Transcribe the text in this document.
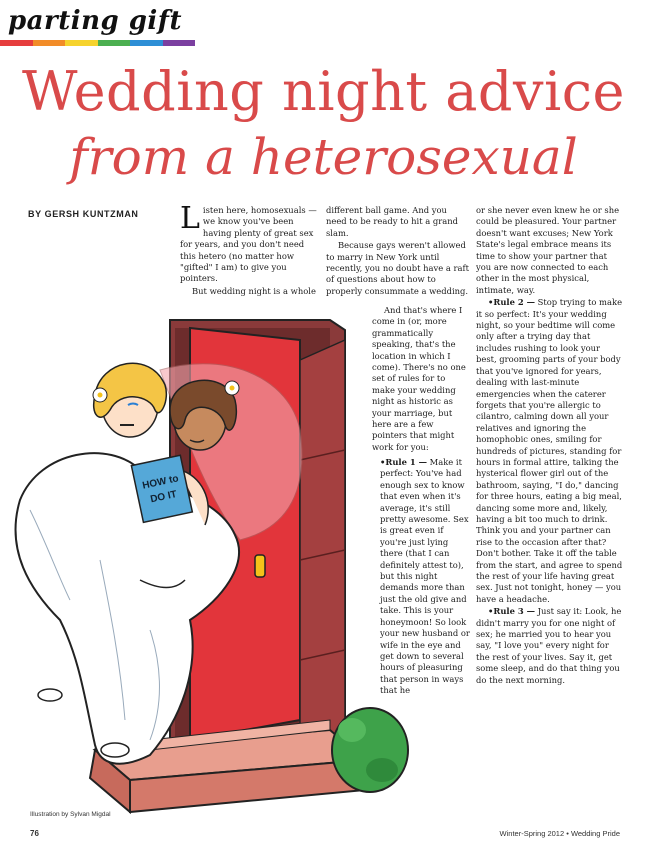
parting gift
Wedding night advice
from a heterosexual
BY GERSH KUNTZMAN
HOW to
DO IT

Listen here, homosexuals — we know you've been having plenty of great sex for years, and you don't need this hetero (no matter how "gifted" I am) to give you pointers.

But wedding night is a whole

different ball game. And you need to be ready to hit a grand slam.

Because gays weren't allowed to marry in New York until recently, you no doubt have a raft of questions about how to properly consummate a wedding.

And that's where I come in (or, more grammatically speaking, that's the location in which I come). There's no one set of rules for to make your wedding night as historic as your marriage, but here are a few pointers that might work for you:

•Rule 1 — Make it perfect: You've had enough sex to know that even when it's average, it's still pretty awesome. Sex is great even if you're just lying there (that I can definitely attest to), but this night demands more than just the old give and take. This is your honeymoon! So look your new husband or wife in the eye and get down to several hours of pleasuring that person in ways that he

or she never even knew he or she could be pleasured. Your partner doesn't want excuses; New York State's legal embrace means its time to show your partner that you are now connected to each other in the most physical, intimate, way.

•Rule 2 — Stop trying to make it so perfect: It's your wedding night, so your bedtime will come only after a trying day that includes rushing to look your best, grooming parts of your body that you've ignored for years, dealing with last-minute emergencies when the caterer forgets that you're allergic to cilantro, calming down all your relatives and ignoring the homophobic ones, smiling for hundreds of pictures, standing for hours in formal attire, talking the hysterical flower girl out of the bathroom, saying, "I do," dancing for three hours, eating a big meal, dancing some more and, likely, having a bit too much to drink. Think you and your partner can rise to the occasion after that? Don't bother. Take it off the table from the start, and agree to spend the rest of your life having great sex. Just not tonight, honey — you have a headache.

•Rule 3 — Just say it: Look, he didn't marry you for one night of sex; he married you to hear you say, "I love you" every night for the rest of your lives. Say it, get some sleep, and do that thing you do the next morning.

Illustration by Sylvan Migdal
76	Winter-Spring 2012 • Wedding Pride
